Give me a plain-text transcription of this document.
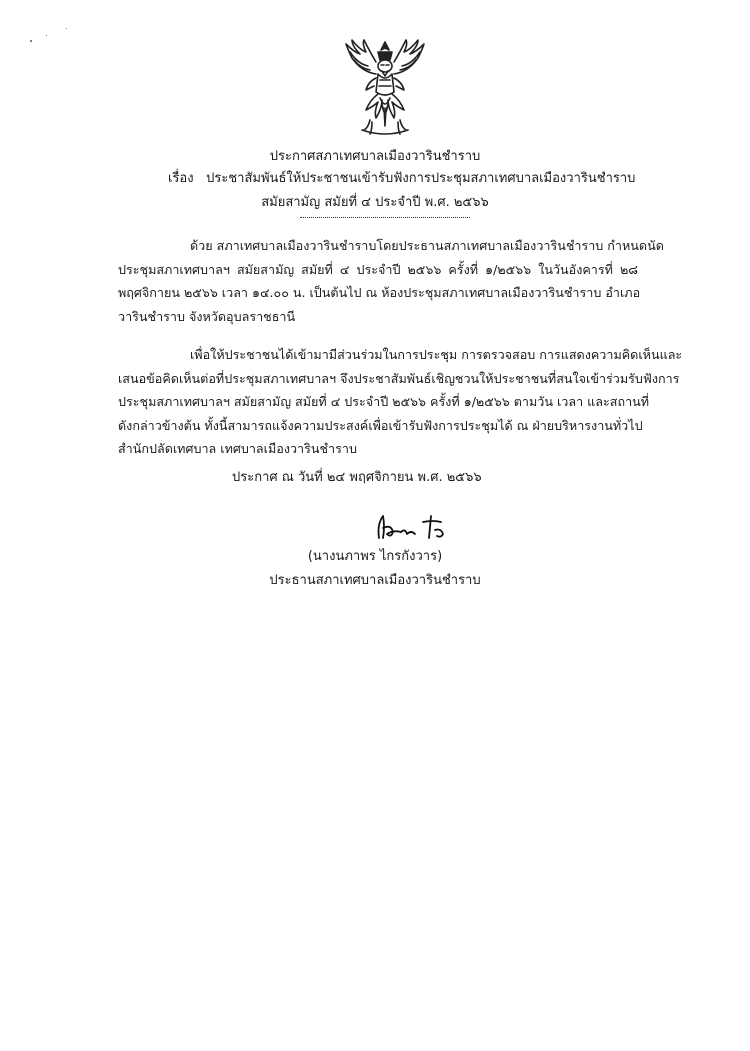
ประกาศสภาเทศบาลเมืองวารินชำราบ
เรื่อง ประชาสัมพันธ์ให้ประชาชนเข้ารับฟังการประชุมสภาเทศบาลเมืองวารินชำราบ
สมัยสามัญ สมัยที่ ๔ ประจำปี พ.ศ. ๒๕๖๖
ด้วย สภาเทศบาลเมืองวารินชำราบโดยประธานสภาเทศบาลเมืองวารินชำราบ กำหนดนัด
ประชุมสภาเทศบาลฯ สมัยสามัญ สมัยที่ ๔ ประจำปี ๒๕๖๖ ครั้งที่ ๑/๒๕๖๖ ในวันอังคารที่ ๒๘
พฤศจิกายน ๒๕๖๖ เวลา ๑๔.๐๐ น. เป็นต้นไป ณ ห้องประชุมสภาเทศบาลเมืองวารินชำราบ อำเภอ
วารินชำราบ จังหวัดอุบลราชธานี
เพื่อให้ประชาชนได้เข้ามามีส่วนร่วมในการประชุม การตรวจสอบ การแสดงความคิดเห็นและ
เสนอข้อคิดเห็นต่อที่ประชุมสภาเทศบาลฯ จึงประชาสัมพันธ์เชิญชวนให้ประชาชนที่สนใจเข้าร่วมรับฟังการ
ประชุมสภาเทศบาลฯ สมัยสามัญ สมัยที่ ๔ ประจำปี ๒๕๖๖ ครั้งที่ ๑/๒๕๖๖ ตามวัน เวลา และสถานที่
ดังกล่าวข้างต้น ทั้งนี้สามารถแจ้งความประสงค์เพื่อเข้ารับฟังการประชุมได้ ณ ฝ่ายบริหารงานทั่วไป
สำนักปลัดเทศบาล เทศบาลเมืองวารินชำราบ
ประกาศ ณ วันที่ ๒๔ พฤศจิกายน พ.ศ. ๒๕๖๖
(นางนภาพร ไกรกังวาร)
ประธานสภาเทศบาลเมืองวารินชำราบ
